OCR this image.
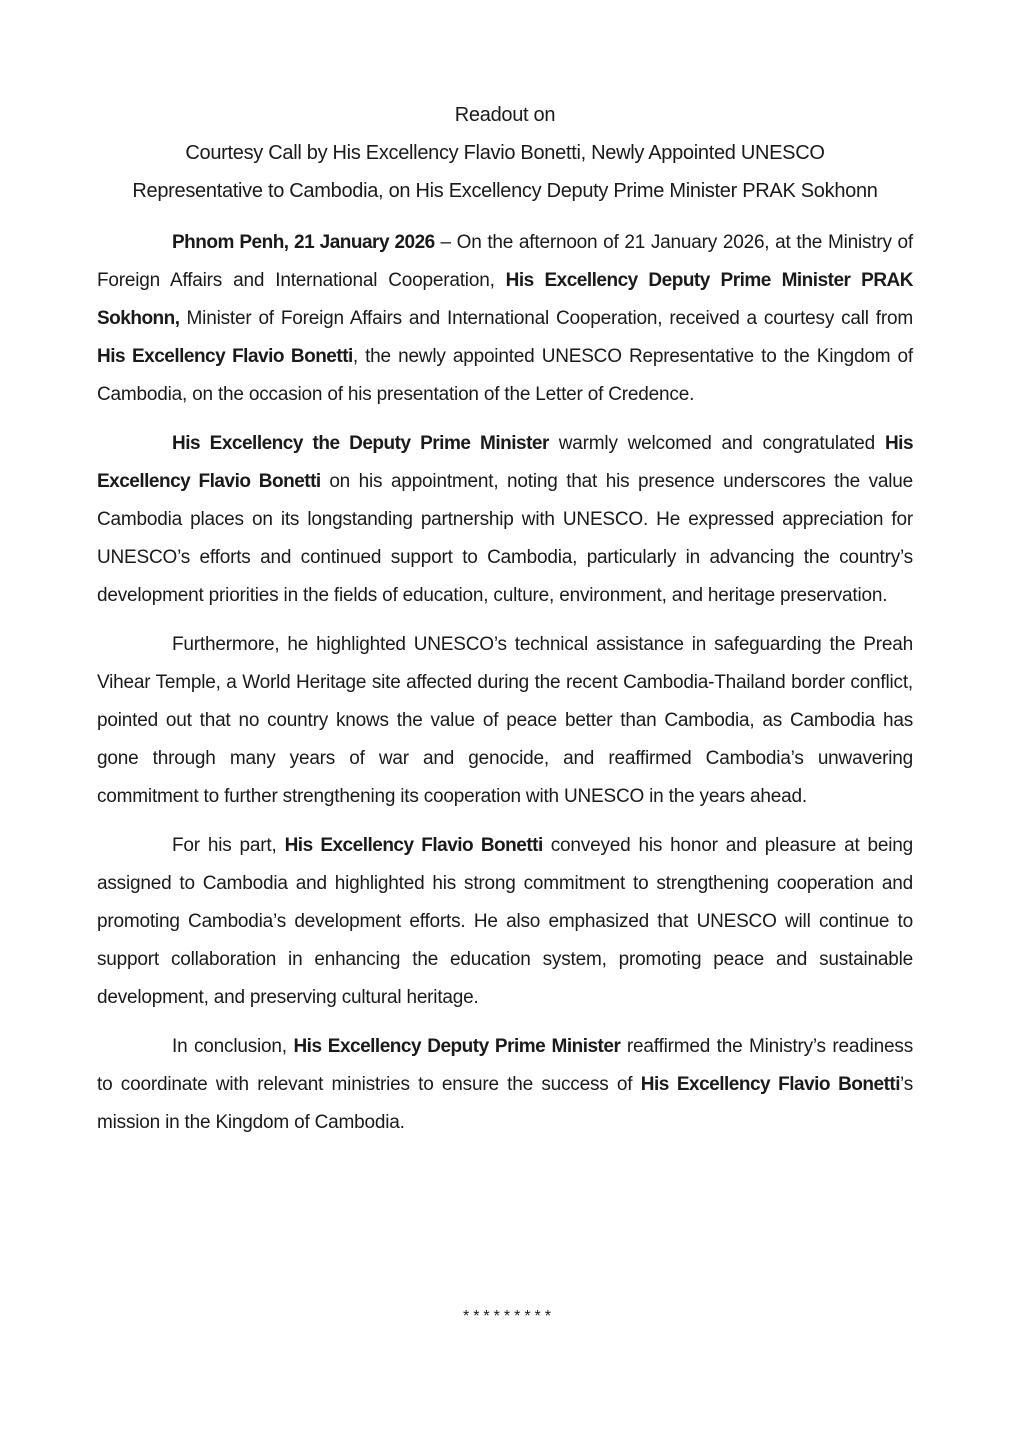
Readout on

Courtesy Call by His Excellency Flavio Bonetti, Newly Appointed UNESCO

Representative to Cambodia, on His Excellency Deputy Prime Minister PRAK Sokhonn

Phnom Penh, 21 January 2026 – On the afternoon of 21 January 2026, at the Ministry of Foreign Affairs and International Cooperation, His Excellency Deputy Prime Minister PRAK Sokhonn, Minister of Foreign Affairs and International Cooperation, received a courtesy call from His Excellency Flavio Bonetti, the newly appointed UNESCO Representative to the Kingdom of Cambodia, on the occasion of his presentation of the Letter of Credence.

His Excellency the Deputy Prime Minister warmly welcomed and congratulated His Excellency Flavio Bonetti on his appointment, noting that his presence underscores the value Cambodia places on its longstanding partnership with UNESCO. He expressed appreciation for UNESCO’s efforts and continued support to Cambodia, particularly in advancing the country’s development priorities in the fields of education, culture, environment, and heritage preservation.

Furthermore, he highlighted UNESCO’s technical assistance in safeguarding the Preah Vihear Temple, a World Heritage site affected during the recent Cambodia-Thailand border conflict, pointed out that no country knows the value of peace better than Cambodia, as Cambodia has gone through many years of war and genocide, and reaffirmed Cambodia’s unwavering commitment to further strengthening its cooperation with UNESCO in the years ahead.

For his part, His Excellency Flavio Bonetti conveyed his honor and pleasure at being assigned to Cambodia and highlighted his strong commitment to strengthening cooperation and promoting Cambodia’s development efforts. He also emphasized that UNESCO will continue to support collaboration in enhancing the education system, promoting peace and sustainable development, and preserving cultural heritage.

In conclusion, His Excellency Deputy Prime Minister reaffirmed the Ministry’s readiness to coordinate with relevant ministries to ensure the success of His Excellency Flavio Bonetti’s mission in the Kingdom of Cambodia.

*********
